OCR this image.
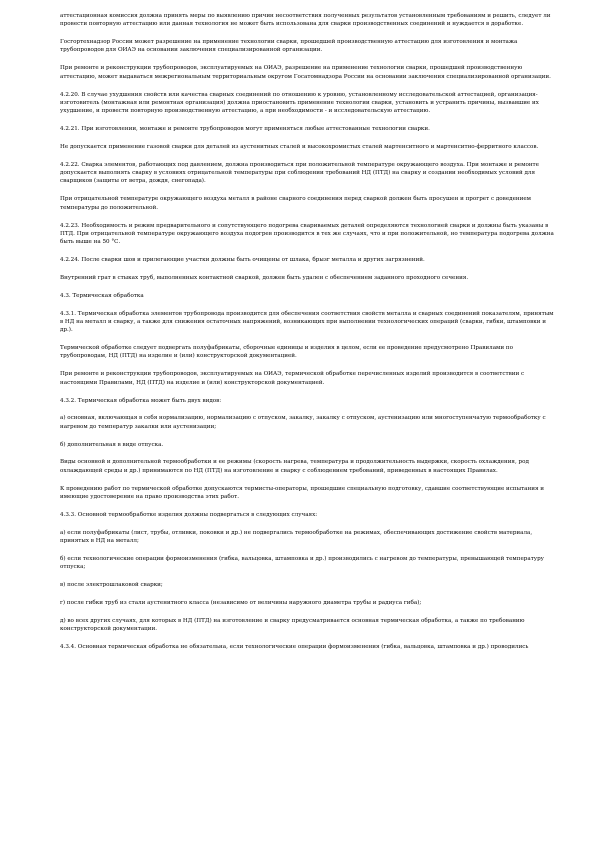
аттестационная комиссия должна принять меры по выявлению причин несоответствия полученных результатов установленным требованиям и решить, следует ли провести повторную аттестацию или данная технология не может быть использована для сварки производственных соединений и нуждается в доработке.

Госгортехнадзор России может разрешение на применение технологии сварки, прошедшей производственную аттестацию для изготовления и монтажа трубопроводов для ОИАЭ на основании заключения специализированной организации.

При ремонте и реконструкции трубопроводов, эксплуатируемых на ОИАЭ, разрешение на применение технологии сварки, прошедшей производственную аттестацию, может выдаваться межрегиональным территориальным округом Госатомнадзора России на основании заключения специализированной организации.

4.2.20. В случае ухудшения свойств или качества сварных соединений по отношению к уровню, установленному исследовательской аттестацией, организация-изготовитель (монтажная или ремонтная организация) должна приостановить применение технологии сварки, установить и устранить причины, вызвавшие их ухудшение, и провести повторную производственную аттестацию, а при необходимости - и исследовательскую аттестацию.

4.2.21. При изготовлении, монтаже и ремонте трубопроводов могут применяться любые аттестованные технологии сварки.

Не допускается применение газовой сварки для деталей из аустенитных сталей и высокохромистых сталей мартенситного и мартенситно-ферритного классов.

4.2.22. Сварка элементов, работающих под давлением, должна производиться при положительной температуре окружающего воздуха. При монтаже и ремонте допускается выполнять сварку в условиях отрицательной температуры при соблюдении требований НД (ПТД) на сварку и создании необходимых условий для сварщиков (защиты от ветра, дождя, снегопада).

При отрицательной температуре окружающего воздуха металл в районе сварного соединения перед сваркой должен быть просушен и прогрет с доведением температуры до положительной.

4.2.23. Необходимость и режим предварительного и сопутствующего подогрева свариваемых деталей определяются технологией сварки и должны быть указаны в ПТД. При отрицательной температуре окружающего воздуха подогрев производится в тех же случаях, что и при положительной, но температура подогрева должна быть выше на 50 °С.

4.2.24. После сварки шов и прилегающие участки должны быть очищены от шлака, брызг металла и других загрязнений.

Внутренний грат в стыках труб, выполненных контактной сваркой, должен быть удален с обеспечением заданного проходного сечения.

4.3. Термическая обработка

4.3.1. Термическая обработка элементов трубопровода производится для обеспечения соответствия свойств металла и сварных соединений показателям, принятым в НД на металл и сварку, а также для снижения остаточных напряжений, возникающих при выполнении технологических операций (сварки, гибки, штамповки и др.).

Термической обработке следует подвергать полуфабрикаты, сборочные единицы и изделия в целом, если ее проведение предусмотрено Правилами по трубопроводам, НД (ПТД) на изделие и (или) конструкторской документацией.

При ремонте и реконструкции трубопроводов, эксплуатируемых на ОИАЭ, термической обработке перечисленных изделий производится в соответствии с настоящими Правилами, НД (ПТД) на изделие и (или) конструкторской документацией.

4.3.2. Термическая обработка может быть двух видов:

а) основная, включающая в себя нормализацию, нормализацию с отпуском, закалку, закалку с отпуском, аустенизацию или многоступенчатую термообработку с нагревом до температур закалки или аустенизации;

б) дополнительная в виде отпуска.

Виды основной и дополнительной термообработки и ее режимы (скорость нагрева, температура и продолжительность выдержки, скорость охлаждения, род охлаждающей среды и др.) принимаются по НД (ПТД) на изготовление и сварку с соблюдением требований, приведенных в настоящих Правилах.

К проведению работ по термической обработке допускаются термисты-операторы, прошедшие специальную подготовку, сдавшие соответствующие испытания и имеющие удостоверение на право производства этих работ.

4.3.3. Основной термообработке изделия должны подвергаться в следующих случаях:

а) если полуфабрикаты (лист, трубы, отливки, поковки и др.) не подвергались термообработке на режимах, обеспечивающих достижение свойств материала, принятых в НД на металл;

б) если технологические операции формоизменения (гибка, вальцовка, штамповка и др.) производились с нагревом до температуры, превышающей температуру отпуска;

в) после электрошлаковой сварки;

г) после гибки труб из стали аустенитного класса (независимо от величины наружного диаметра трубы и радиуса гиба);

д) во всех других случаях, для которых в НД (ПТД) на изготовление и сварку предусматривается основная термическая обработка, а также по требованию конструкторской документации.

4.3.4. Основная термическая обработка не обязательна, если технологические операции формоизменения (гибка, вальцовка, штамповка и др.) проводились
